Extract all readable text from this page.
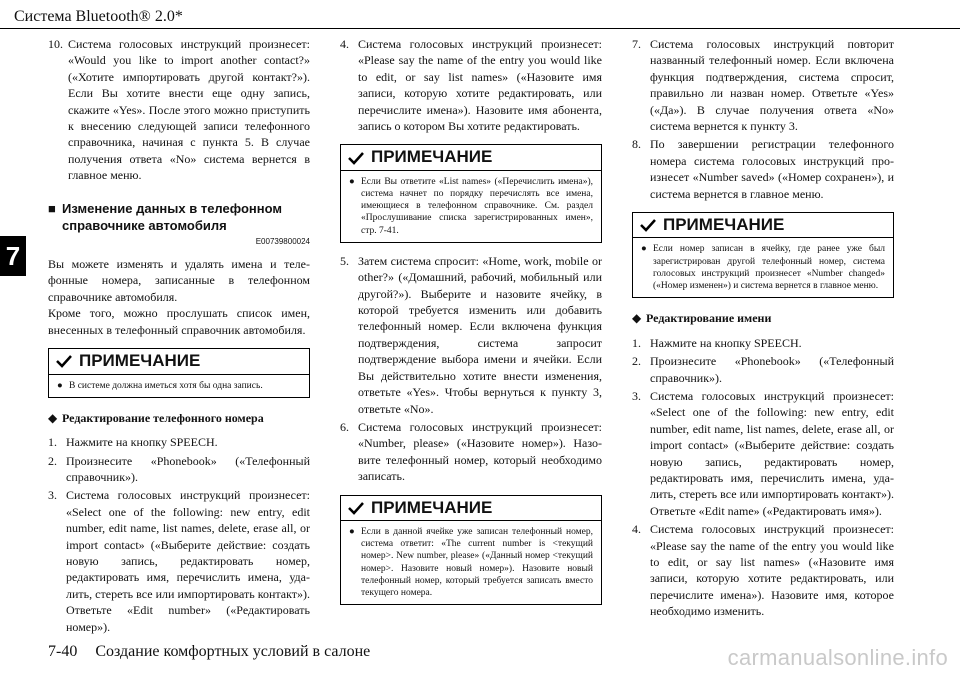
Система Bluetooth® 2.0*
7
10. Система голосовых инструкций произнесет: «Would you like to import another contact?» («Хотите импортировать другой контакт?»). Если Вы хотите внести еще одну запись, скажите «Yes». После этого можно приступить к внесению следующей записи телефонного справочника, начиная с пункта 5. В случае получения ответа «No» система вернется в главное меню.
■ Изменение данных в телефонном справочнике автомобиля
E00739800024

Вы можете изменять и удалять имена и телефонные номера, записанные в телефонном справочнике автомобиля.

Кроме того, можно прослушать список имен, внесенных в телефонный справочник автомобиля.

ПРИМЕЧАНИЕ
● В системе должна иметься хотя бы одна запись.
◆ Редактирование телефонного номера
1. Нажмите на кнопку SPEECH.
2. Произнесите «Phonebook» («Телефонный справочник»).
3. Система голосовых инструкций произнесет: «Select one of the following: new entry, edit number, edit name, list names, delete, erase all, or import contact» («Выберите действие: создать новую запись, редактировать номер, редактировать имя, перечислить имена, удалить, стереть все или импортировать контакт»). Ответьте «Edit number» («Редактировать номер»).
4. Система голосовых инструкций произнесет: «Please say the name of the entry you would like to edit, or say list names» («Назовите имя записи, которую хотите редактировать, или перечислите имена»). Назовите имя абонента, запись о котором Вы хотите редактировать.
ПРИМЕЧАНИЕ
● Если Вы ответите «List names» («Перечислить имена»), система начнет по порядку перечислять все имена, имеющиеся в телефонном справочнике. См. раздел «Прослушивание списка зарегистрированных имен», стр. 7-41.
5. Затем система спросит: «Home, work, mobile or other?» («Домашний, рабочий, мобильный или другой?»). Выберите и назовите ячейку, в которой требуется изменить или добавить телефонный номер. Если включена функция подтверждения, система запросит подтверждение выбора имени и ячейки. Если Вы действительно хотите внести изменения, ответьте «Yes». Чтобы вернуться к пункту 3, ответьте «No».
6. Система голосовых инструкций произнесет: «Number, please» («Назовите номер»). Назовите телефонный номер, который необходимо записать.
ПРИМЕЧАНИЕ
● Если в данной ячейке уже записан телефонный номер, система ответит: «The current number is <текущий номер>. New number, please» («Данный номер <текущий номер>. Назовите новый номер»). Назовите новый телефонный номер, который требуется записать вместо текущего номера.
7. Система голосовых инструкций повторит названный телефонный номер. Если включена функция подтверждения, система спросит, правильно ли назван номер. Ответьте «Yes» («Да»). В случае получения ответа «No» система вернется к пункту 3.
8. По завершении регистрации телефонного номера система голосовых инструкций произнесет «Number saved» («Номер сохранен»), и система вернется в главное меню.
ПРИМЕЧАНИЕ
● Если номер записан в ячейку, где ранее уже был зарегистрирован другой телефонный номер, система голосовых инструкций произнесет «Number changed» («Номер изменен») и система вернется в главное меню.
◆ Редактирование имени
1. Нажмите на кнопку SPEECH.
2. Произнесите «Phonebook» («Телефонный справочник»).
3. Система голосовых инструкций произнесет: «Select one of the following: new entry, edit number, edit name, list names, delete, erase all, or import contact» («Выберите действие: создать новую запись, редактировать номер, редактировать имя, перечислить имена, удалить, стереть все или импортировать контакт»). Ответьте «Edit name» («Редактировать имя»).
4. Система голосовых инструкций произнесет: «Please say the name of the entry you would like to edit, or say list names» («Назовите имя записи, которую хотите редактировать, или перечислите имена»). Назовите имя, которое необходимо изменить.
7-40 Создание комфортных условий в салоне	carmanualsonline.info
